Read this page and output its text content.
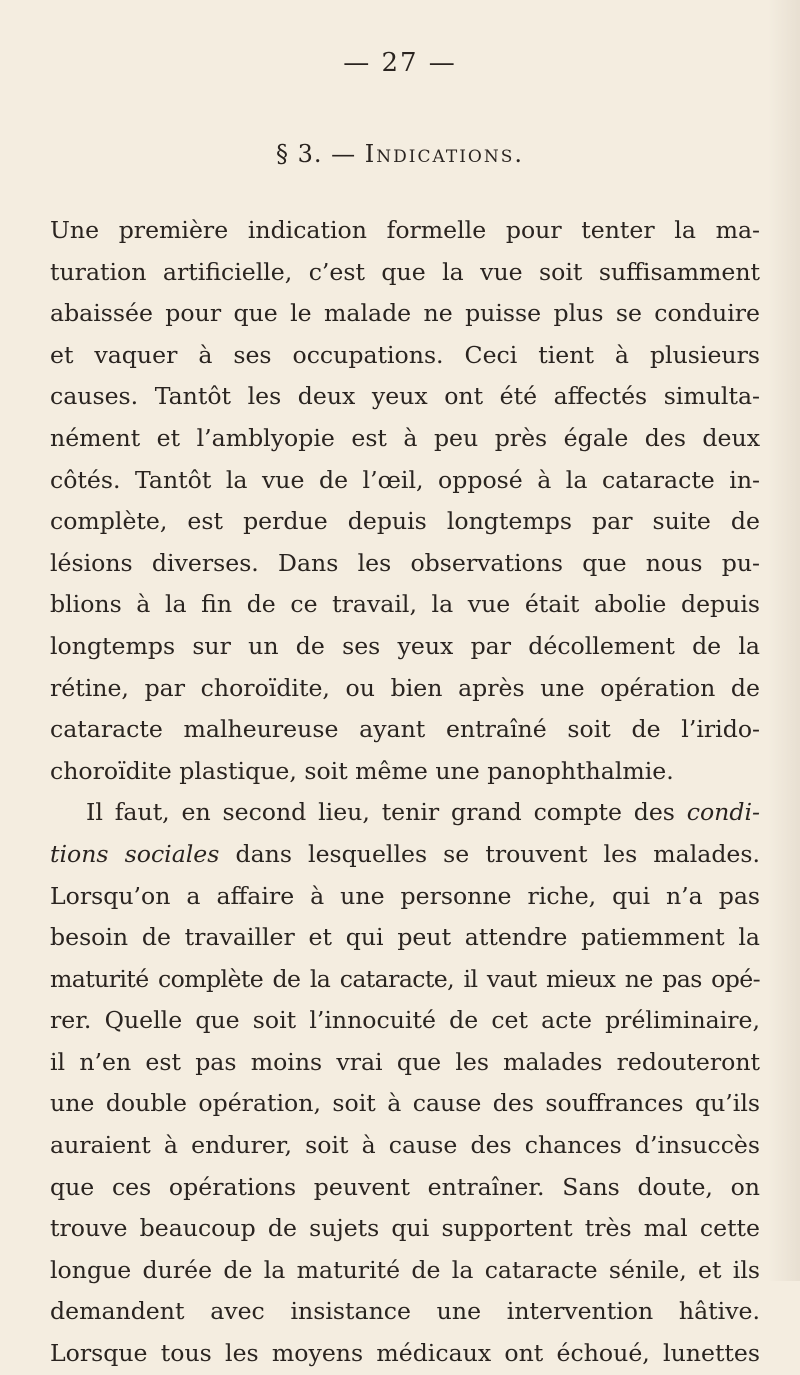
— 27 —
§ 3. — Indications.
Une première indication formelle pour tenter la ma-
turation artificielle, c’est que la vue soit suffisamment
abaissée pour que le malade ne puisse plus se conduire
et vaquer à ses occupations. Ceci tient à plusieurs
causes. Tantôt les deux yeux ont été affectés simulta-
nément et l’amblyopie est à peu près égale des deux
côtés. Tantôt la vue de l’œil, opposé à la cataracte in-
complète, est perdue depuis longtemps par suite de
lésions diverses. Dans les observations que nous pu-
blions à la fin de ce travail, la vue était abolie depuis
longtemps sur un de ses yeux par décollement de la
rétine, par choroïdite, ou bien après une opération de
cataracte malheureuse ayant entraîné soit de l’irido-
choroïdite plastique, soit même une panophthalmie.
Il faut, en second lieu, tenir grand compte des condi-
tions sociales dans lesquelles se trouvent les malades.
Lorsqu’on a affaire à une personne riche, qui n’a pas
besoin de travailler et qui peut attendre patiemment la
maturité complète de la cataracte, il vaut mieux ne pas opé-
rer. Quelle que soit l’innocuité de cet acte préliminaire,
il n’en est pas moins vrai que les malades redouteront
une double opération, soit à cause des souffrances qu’ils
auraient à endurer, soit à cause des chances d’insuccès
que ces opérations peuvent entraîner. Sans doute, on
trouve beaucoup de sujets qui supportent très mal cette
longue durée de la maturité de la cataracte sénile, et ils
demandent avec insistance une intervention hâtive.
Lorsque tous les moyens médicaux ont échoué, lunettes
